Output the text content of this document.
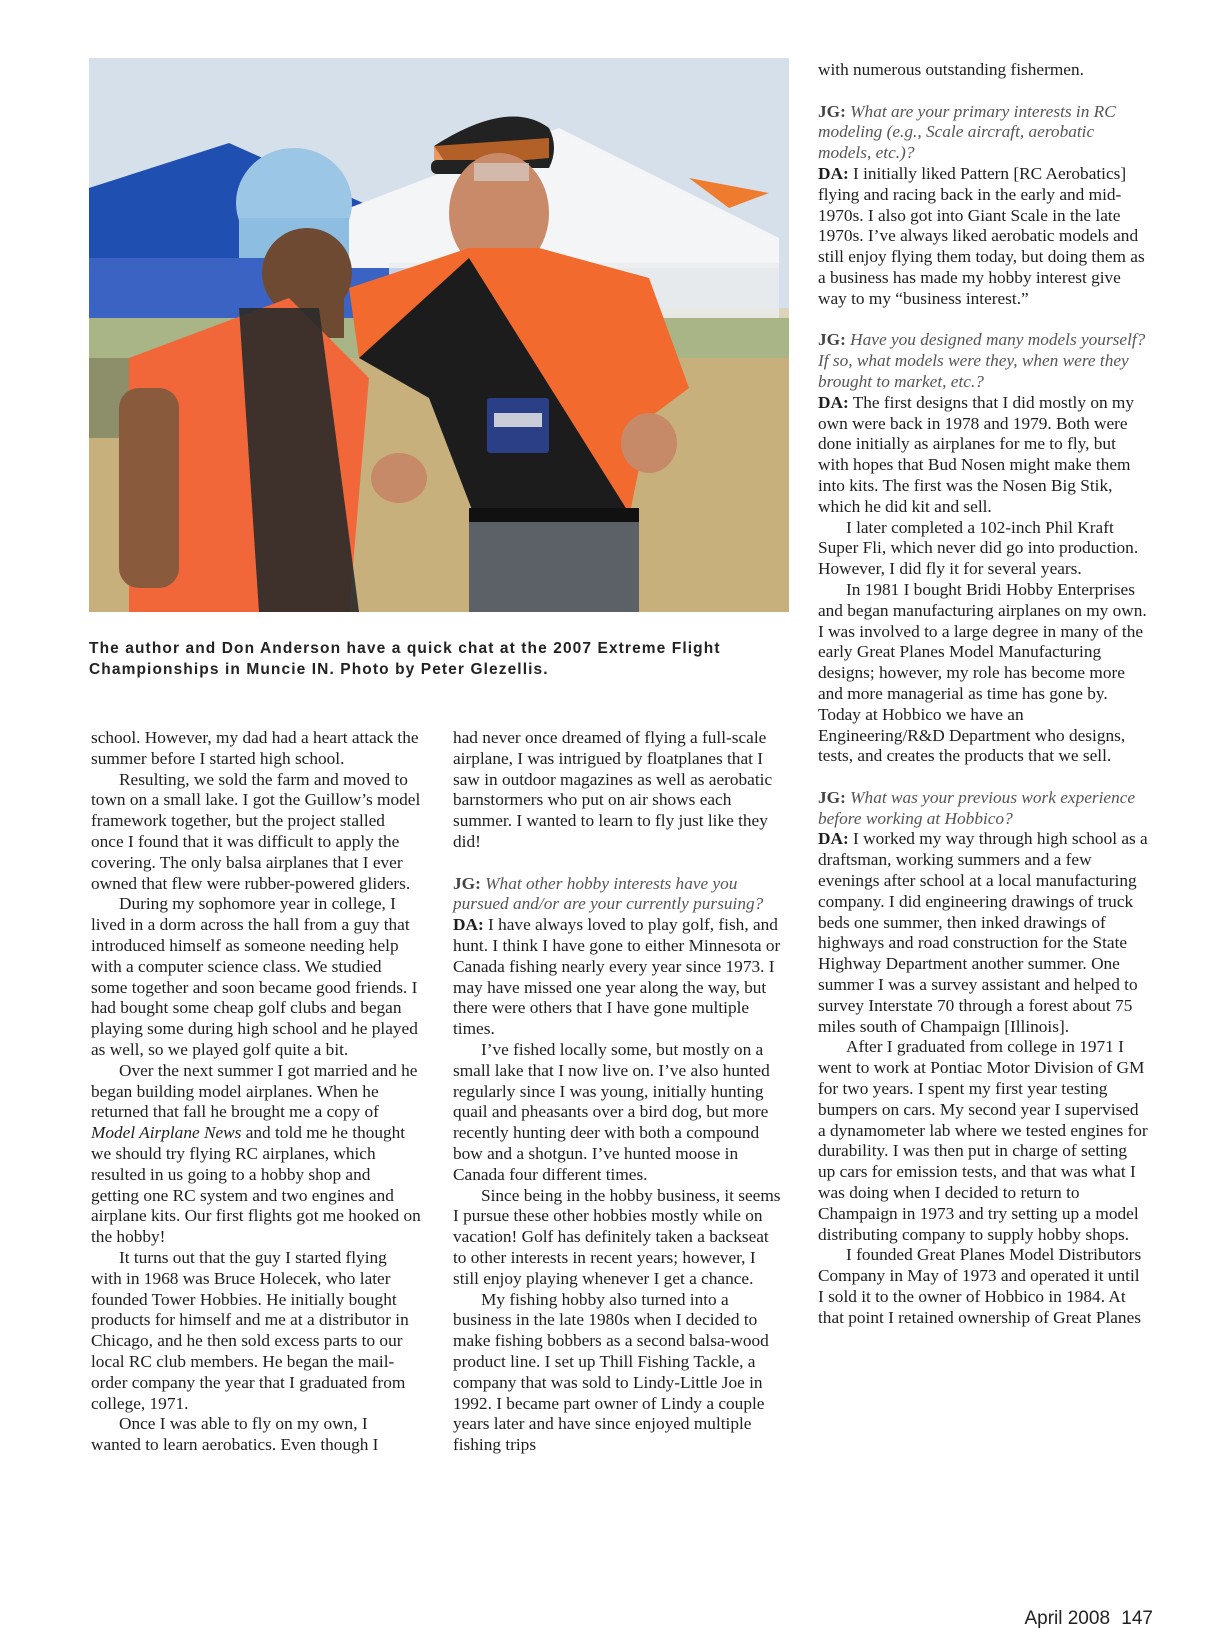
The author and Don Anderson have a quick chat at the 2007 Extreme Flight Championships in Muncie IN. Photo by Peter Glezellis.

school. However, my dad had a heart attack the summer before I started high school.

Resulting, we sold the farm and moved to town on a small lake. I got the Guillow’s model framework together, but the project stalled once I found that it was difficult to apply the covering. The only balsa airplanes that I ever owned that flew were rubber-powered gliders.

During my sophomore year in college, I lived in a dorm across the hall from a guy that introduced himself as someone needing help with a computer science class. We studied some together and soon became good friends. I had bought some cheap golf clubs and began playing some during high school and he played as well, so we played golf quite a bit.

Over the next summer I got married and he began building model airplanes. When he returned that fall he brought me a copy of Model Airplane News and told me he thought we should try flying RC airplanes, which resulted in us going to a hobby shop and getting one RC system and two engines and airplane kits. Our first flights got me hooked on the hobby!

It turns out that the guy I started flying with in 1968 was Bruce Holecek, who later founded Tower Hobbies. He initially bought products for himself and me at a distributor in Chicago, and he then sold excess parts to our local RC club members. He began the mail-order company the year that I graduated from college, 1971.

Once I was able to fly on my own, I wanted to learn aerobatics. Even though I

had never once dreamed of flying a full-scale airplane, I was intrigued by floatplanes that I saw in outdoor magazines as well as aerobatic barnstormers who put on air shows each summer. I wanted to learn to fly just like they did!

JG: What other hobby interests have you pursued and/or are your currently pursuing?

DA: I have always loved to play golf, fish, and hunt. I think I have gone to either Minnesota or Canada fishing nearly every year since 1973. I may have missed one year along the way, but there were others that I have gone multiple times.

I’ve fished locally some, but mostly on a small lake that I now live on. I’ve also hunted regularly since I was young, initially hunting quail and pheasants over a bird dog, but more recently hunting deer with both a compound bow and a shotgun. I’ve hunted moose in Canada four different times.

Since being in the hobby business, it seems I pursue these other hobbies mostly while on vacation! Golf has definitely taken a backseat to other interests in recent years; however, I still enjoy playing whenever I get a chance.

My fishing hobby also turned into a business in the late 1980s when I decided to make fishing bobbers as a second balsa-wood product line. I set up Thill Fishing Tackle, a company that was sold to Lindy-Little Joe in 1992. I became part owner of Lindy a couple years later and have since enjoyed multiple fishing trips

with numerous outstanding fishermen.

JG: What are your primary interests in RC modeling (e.g., Scale aircraft, aerobatic models, etc.)?

DA: I initially liked Pattern [RC Aerobatics] flying and racing back in the early and mid-1970s. I also got into Giant Scale in the late 1970s. I’ve always liked aerobatic models and still enjoy flying them today, but doing them as a business has made my hobby interest give way to my “business interest.”

JG: Have you designed many models yourself? If so, what models were they, when were they brought to market, etc.?

DA: The first designs that I did mostly on my own were back in 1978 and 1979. Both were done initially as airplanes for me to fly, but with hopes that Bud Nosen might make them into kits. The first was the Nosen Big Stik, which he did kit and sell.

I later completed a 102-inch Phil Kraft Super Fli, which never did go into production. However, I did fly it for several years.

In 1981 I bought Bridi Hobby Enterprises and began manufacturing airplanes on my own. I was involved to a large degree in many of the early Great Planes Model Manufacturing designs; however, my role has become more and more managerial as time has gone by. Today at Hobbico we have an Engineering/R&D Department who designs, tests, and creates the products that we sell.

JG: What was your previous work experience before working at Hobbico?

DA: I worked my way through high school as a draftsman, working summers and a few evenings after school at a local manufacturing company. I did engineering drawings of truck beds one summer, then inked drawings of highways and road construction for the State Highway Department another summer. One summer I was a survey assistant and helped to survey Interstate 70 through a forest about 75 miles south of Champaign [Illinois].

After I graduated from college in 1971 I went to work at Pontiac Motor Division of GM for two years. I spent my first year testing bumpers on cars. My second year I supervised a dynamometer lab where we tested engines for durability. I was then put in charge of setting up cars for emission tests, and that was what I was doing when I decided to return to Champaign in 1973 and try setting up a model distributing company to supply hobby shops.

I founded Great Planes Model Distributors Company in May of 1973 and operated it until I sold it to the owner of Hobbico in 1984. At that point I retained ownership of Great Planes

April 2008 147
